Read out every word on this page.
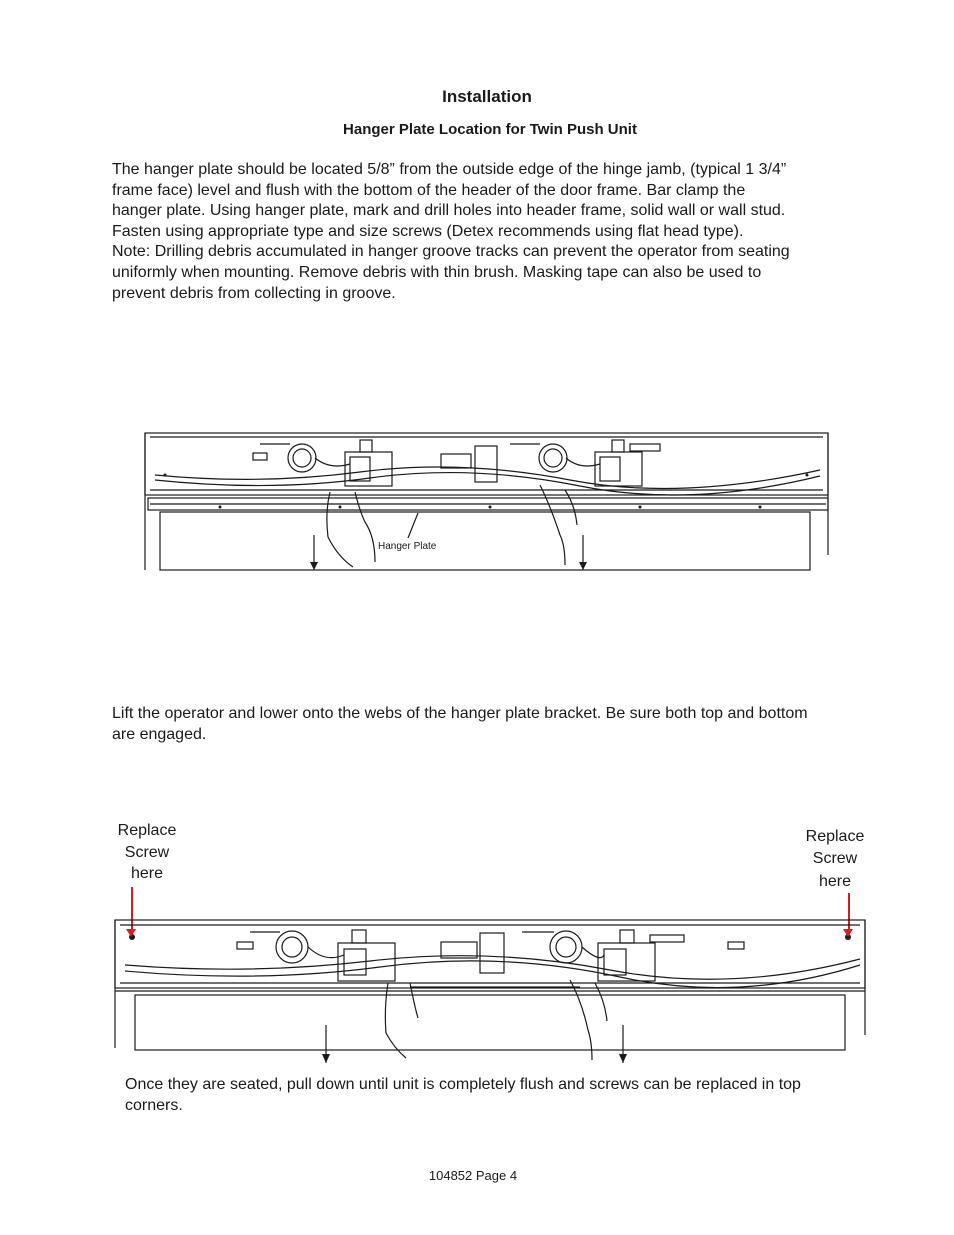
Installation
Hanger Plate Location for Twin Push Unit
The hanger plate should be located 5/8” from the outside edge of the hinge jamb, (typical 1 3/4”
frame face) level and flush with the bottom of the header of the door frame. Bar clamp the
hanger plate. Using hanger plate, mark and drill holes into header frame, solid wall or wall stud.
Fasten using appropriate type and size screws (Detex recommends using flat head type).
Note: Drilling debris accumulated in hanger groove tracks can prevent the operator from seating
uniformly when mounting. Remove debris with thin brush. Masking tape can also be used to
prevent debris from collecting in groove.
Hanger Plate
Lift the operator and lower onto the webs of the hanger plate bracket. Be sure both top and bottom
are engaged.
Replace
Screw
here
Replace
Screw
here
Once they are seated, pull down until unit is completely flush and screws can be replaced in top
corners.
104852 Page 4
